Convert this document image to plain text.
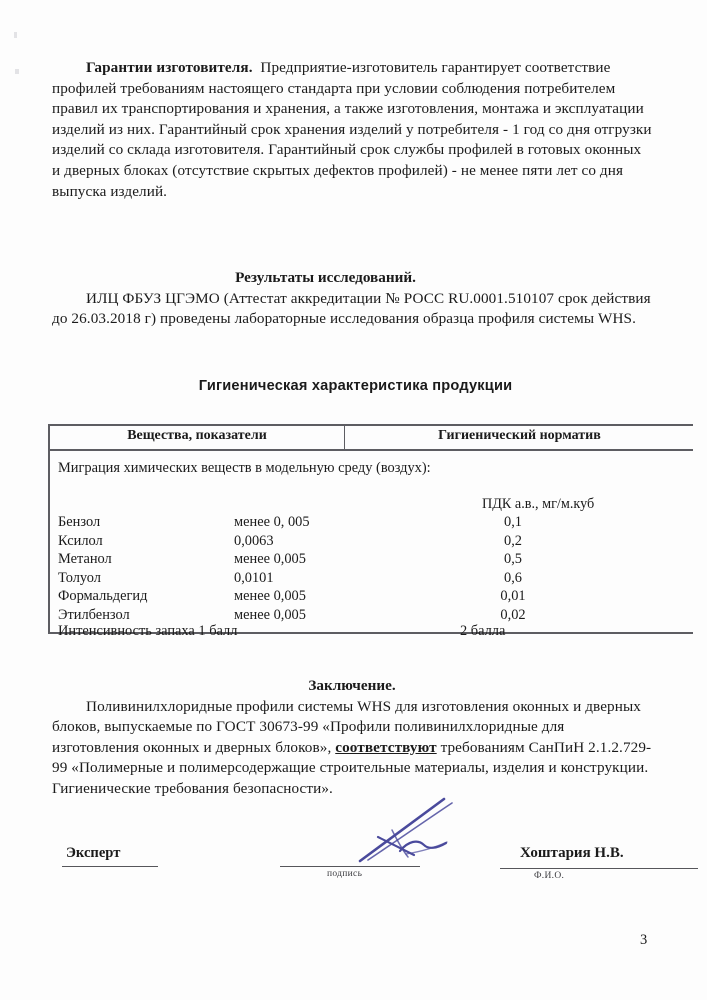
Гарантии изготовителя. Предприятие-изготовитель гарантирует соответствие профилей требованиям настоящего стандарта при условии соблюдения потребителем правил их транспортирования и хранения, а также изготовления, монтажа и эксплуатации изделий из них. Гарантийный срок хранения изделий у потребителя - 1 год со дня отгрузки изделий со склада изготовителя. Гарантийный срок службы профилей в готовых оконных и дверных блоках (отсутствие скрытых дефектов профилей) - не менее пяти лет со дня выпуска изделий.

Результаты исследований.

ИЛЦ ФБУЗ ЦГЭМО (Аттестат аккредитации № РОСС RU.0001.510107 срок действия до 26.03.2018 г) проведены лабораторные исследования образца профиля системы WHS.

Гигиеническая характеристика продукции
Вещества, показатели	Гигиенический норматив
Миграция химических веществ в модельную среду (воздух):
ПДК а.в., мг/м.куб
Бензол	менее 0, 005	0,1
Ксилол	0,0063	0,2
Метанол	менее 0,005	0,5
Толуол	0,0101	0,6
Формальдегид	менее 0,005	0,01
Этилбензол	менее 0,005	0,02
Интенсивность запаха 1 балл	2 балла

Заключение.

Поливинилхлоридные профили системы WHS для изготовления оконных и дверных блоков, выпускаемые по ГОСТ 30673-99 «Профили поливинилхлоридные для изготовления оконных и дверных блоков», соответствуют требованиям СанПиН 2.1.2.729-99 «Полимерные и полимерсодержащие строительные материалы, изделия и конструкции. Гигиенические требования безопасности».

Эксперт
подпись
Хоштария Н.В.
Ф.И.О.
3
